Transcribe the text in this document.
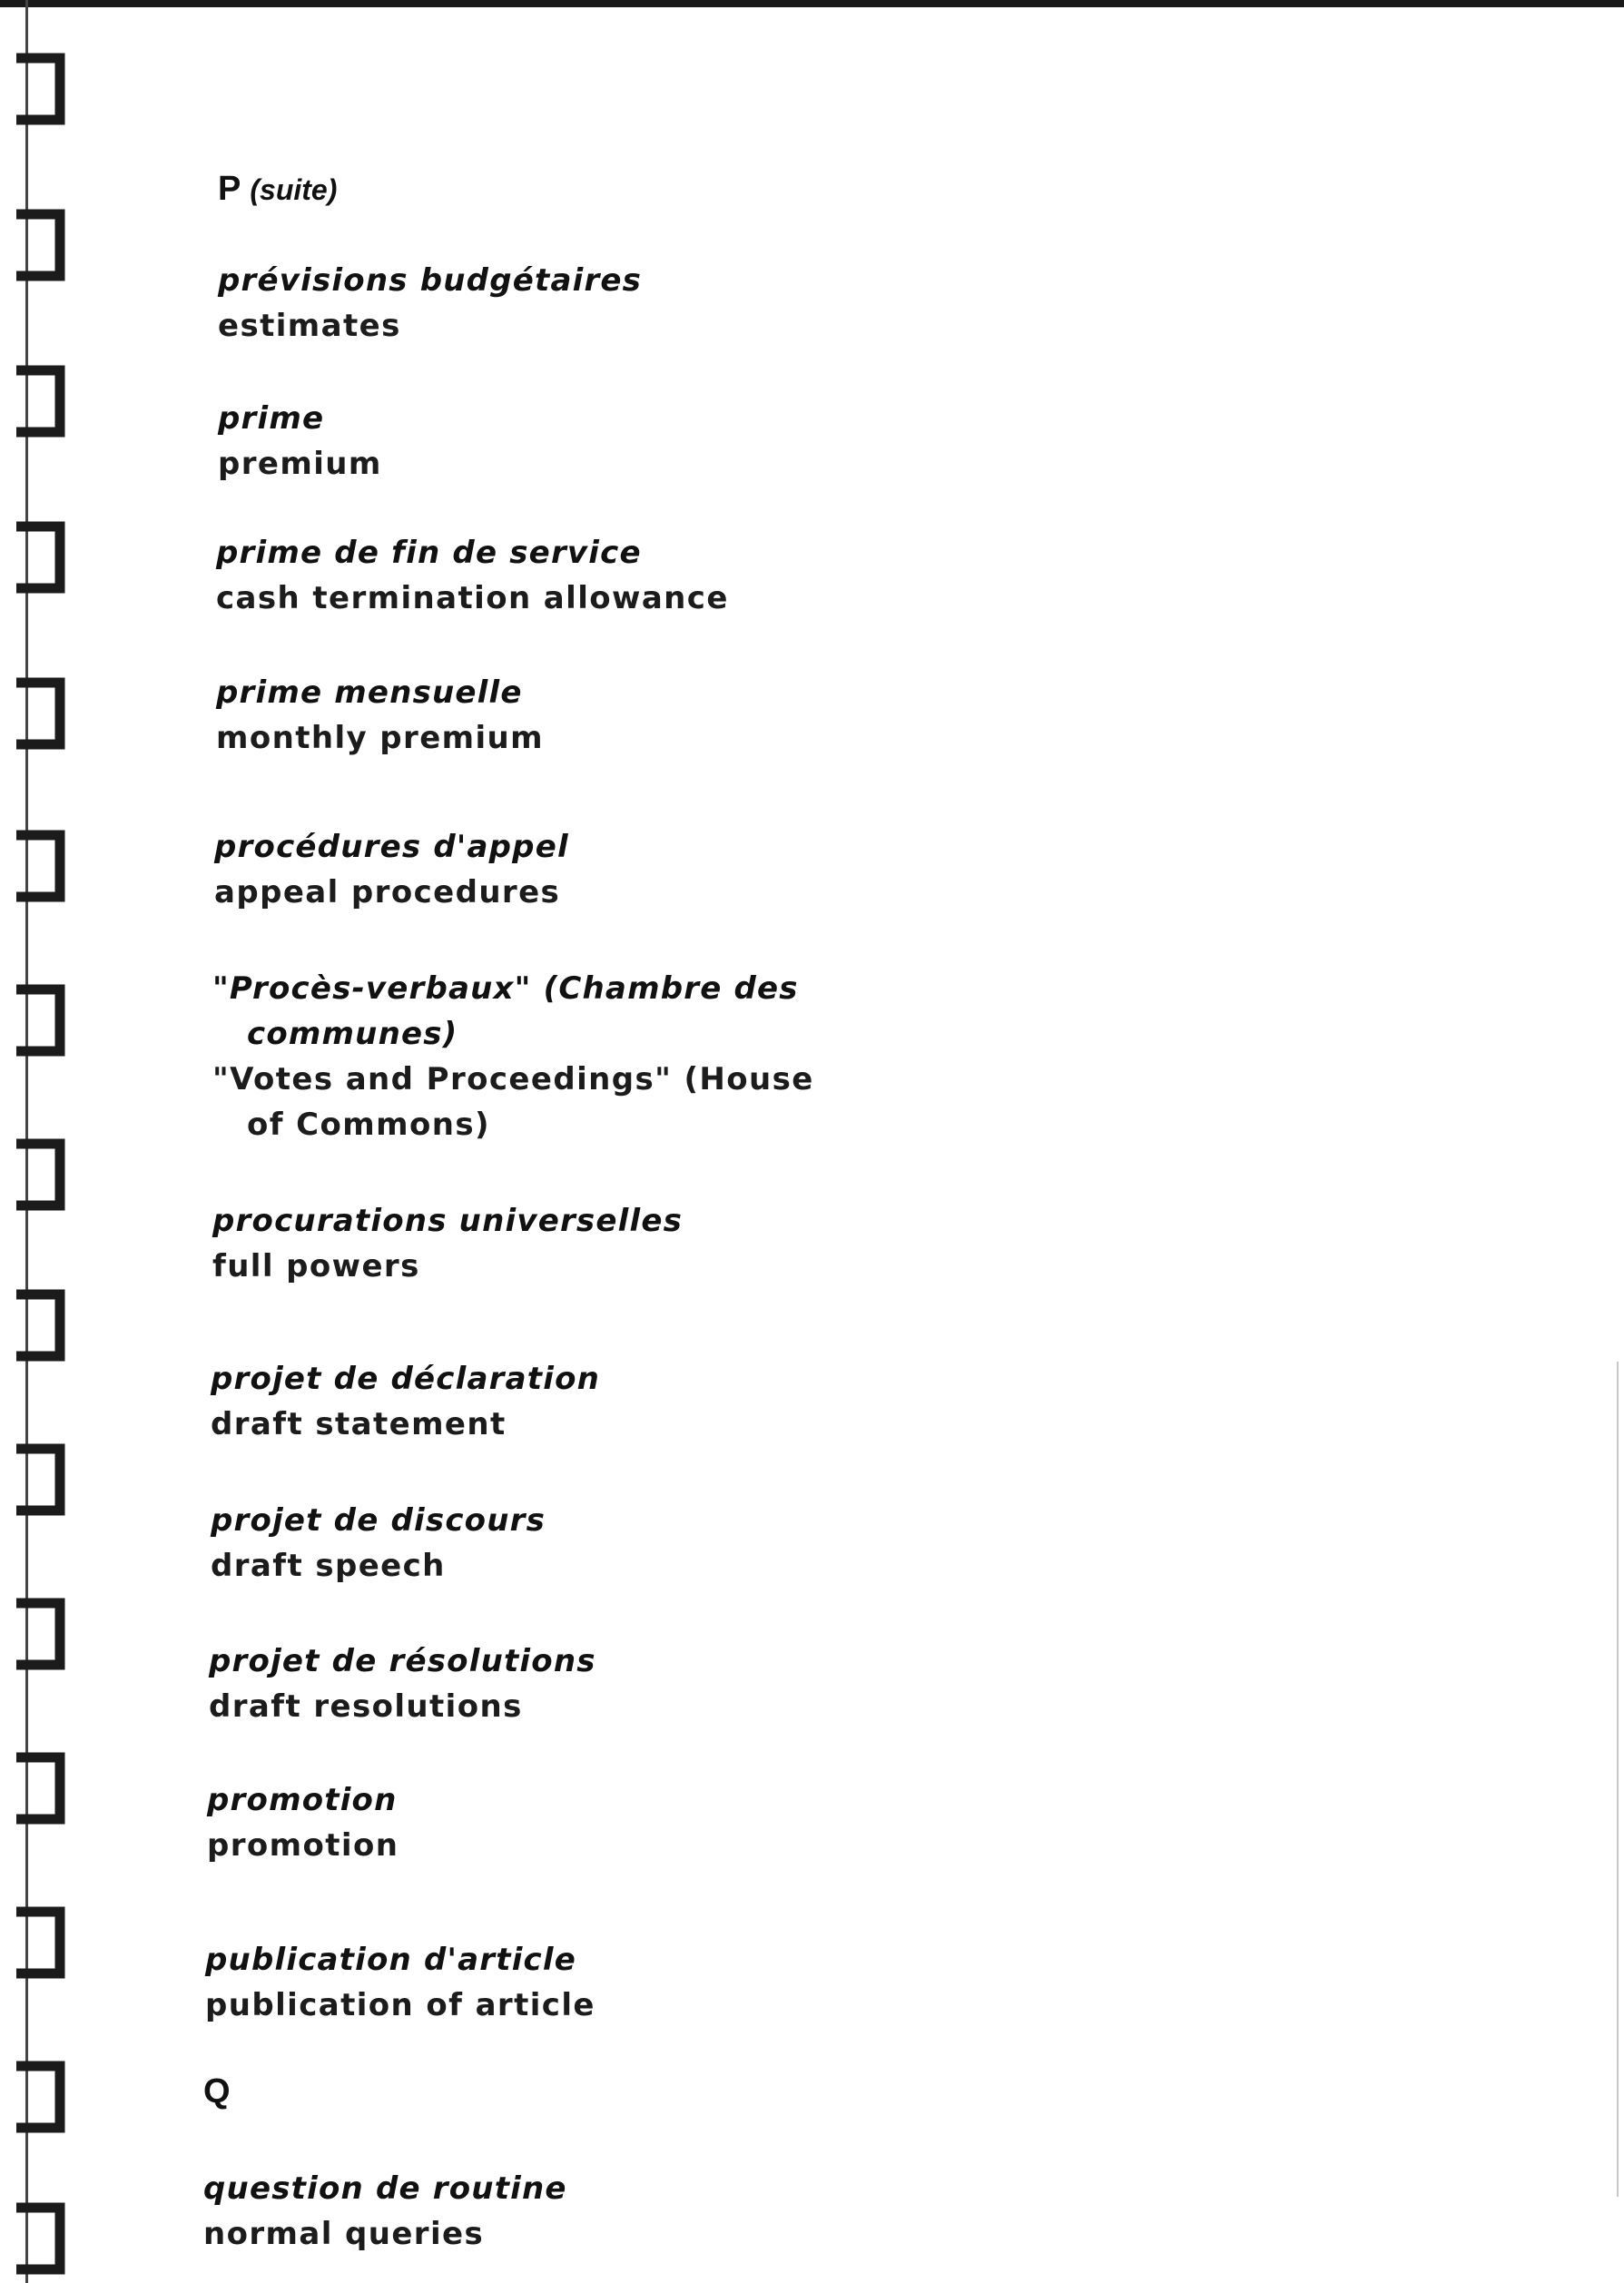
P (suite)
prévisions budgétaires
estimates
prime
premium
prime de fin de service
cash termination allowance
prime mensuelle
monthly premium
procédures d'appel
appeal procedures
"Procès-verbaux" (Chambre des
communes)
"Votes and Proceedings" (House
of Commons)
procurations universelles
full powers
projet de déclaration
draft statement
projet de discours
draft speech
projet de résolutions
draft resolutions
promotion
promotion
publication d'article
publication of article
Q
question de routine
normal queries
